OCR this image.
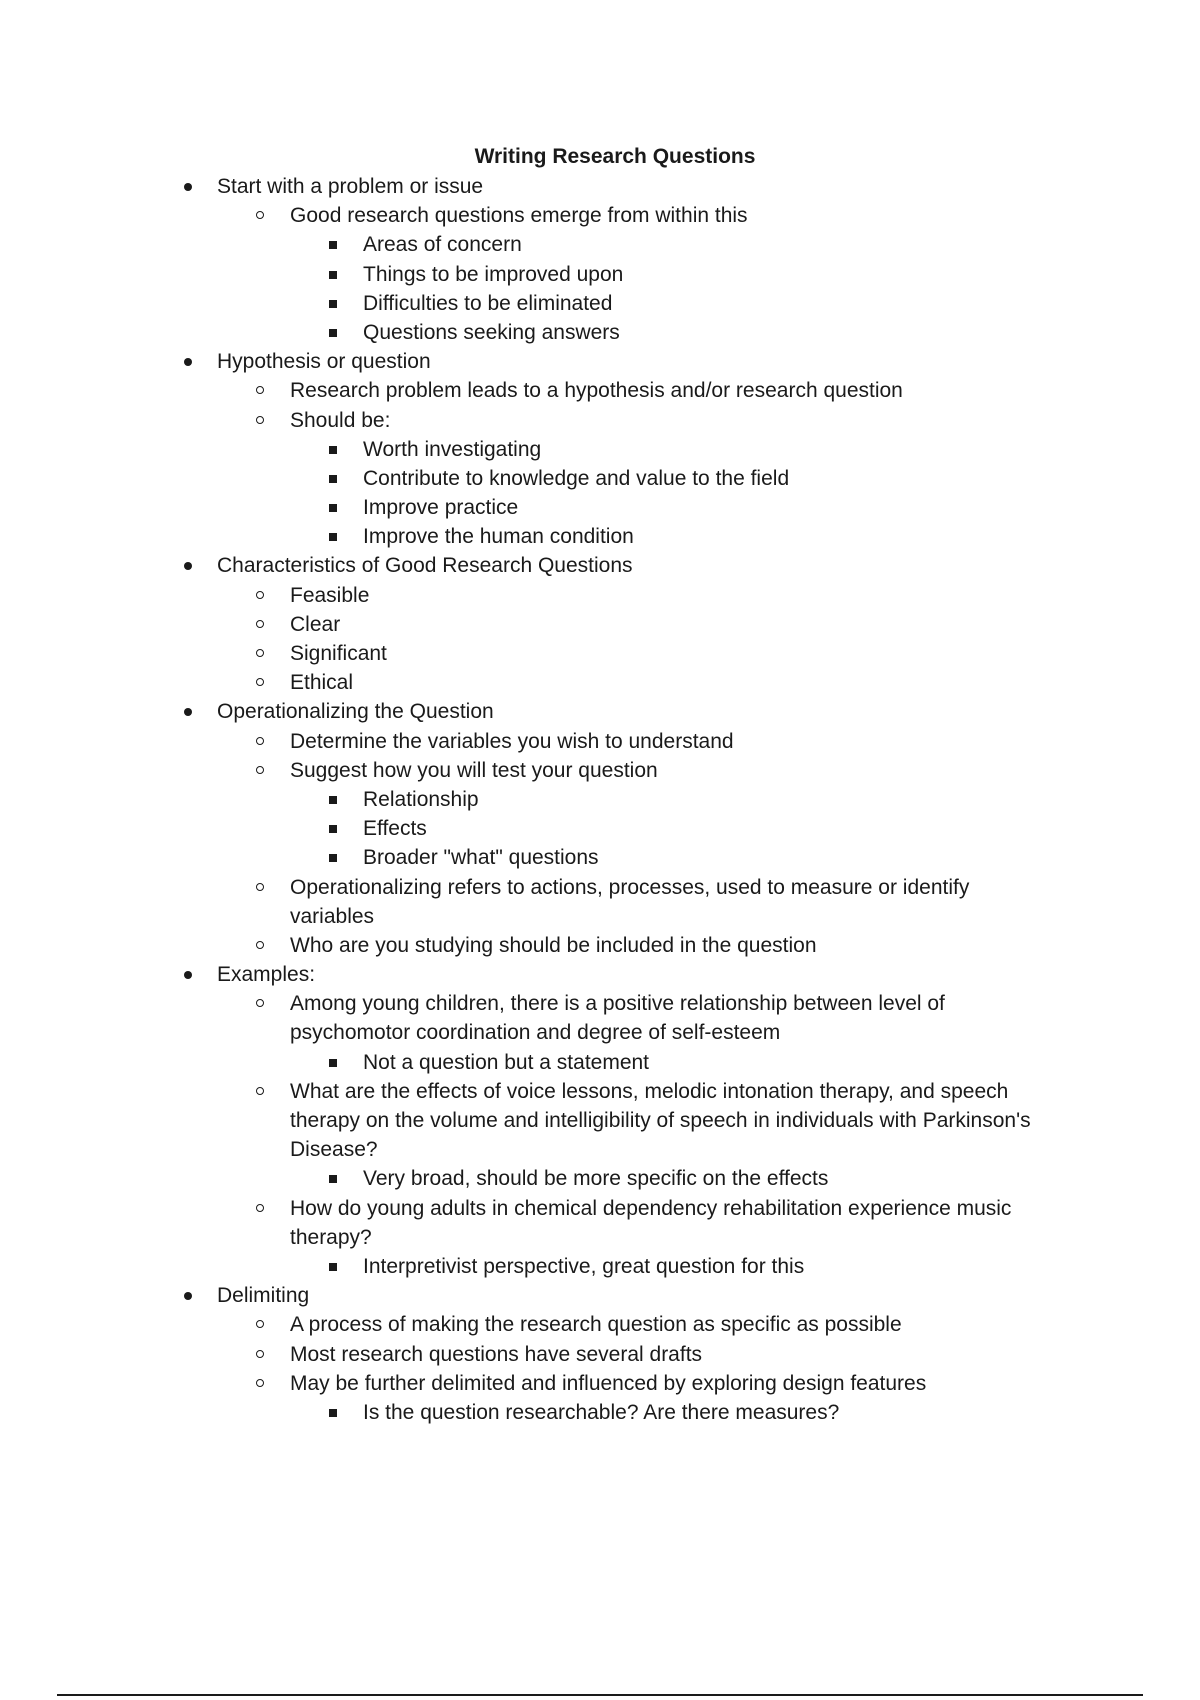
Writing Research Questions
Start with a problem or issue
Good research questions emerge from within this
Areas of concern
Things to be improved upon
Difficulties to be eliminated
Questions seeking answers
Hypothesis or question
Research problem leads to a hypothesis and/or research question
Should be:
Worth investigating
Contribute to knowledge and value to the field
Improve practice
Improve the human condition
Characteristics of Good Research Questions
Feasible
Clear
Significant
Ethical
Operationalizing the Question
Determine the variables you wish to understand
Suggest how you will test your question
Relationship
Effects
Broader "what" questions
Operationalizing refers to actions, processes, used to measure or identify
variables
Who are you studying should be included in the question
Examples:
Among young children, there is a positive relationship between level of
psychomotor coordination and degree of self-esteem
Not a question but a statement
What are the effects of voice lessons, melodic intonation therapy, and speech
therapy on the volume and intelligibility of speech in individuals with Parkinson's
Disease?
Very broad, should be more specific on the effects
How do young adults in chemical dependency rehabilitation experience music
therapy?
Interpretivist perspective, great question for this
Delimiting
A process of making the research question as specific as possible
Most research questions have several drafts
May be further delimited and influenced by exploring design features
Is the question researchable? Are there measures?
